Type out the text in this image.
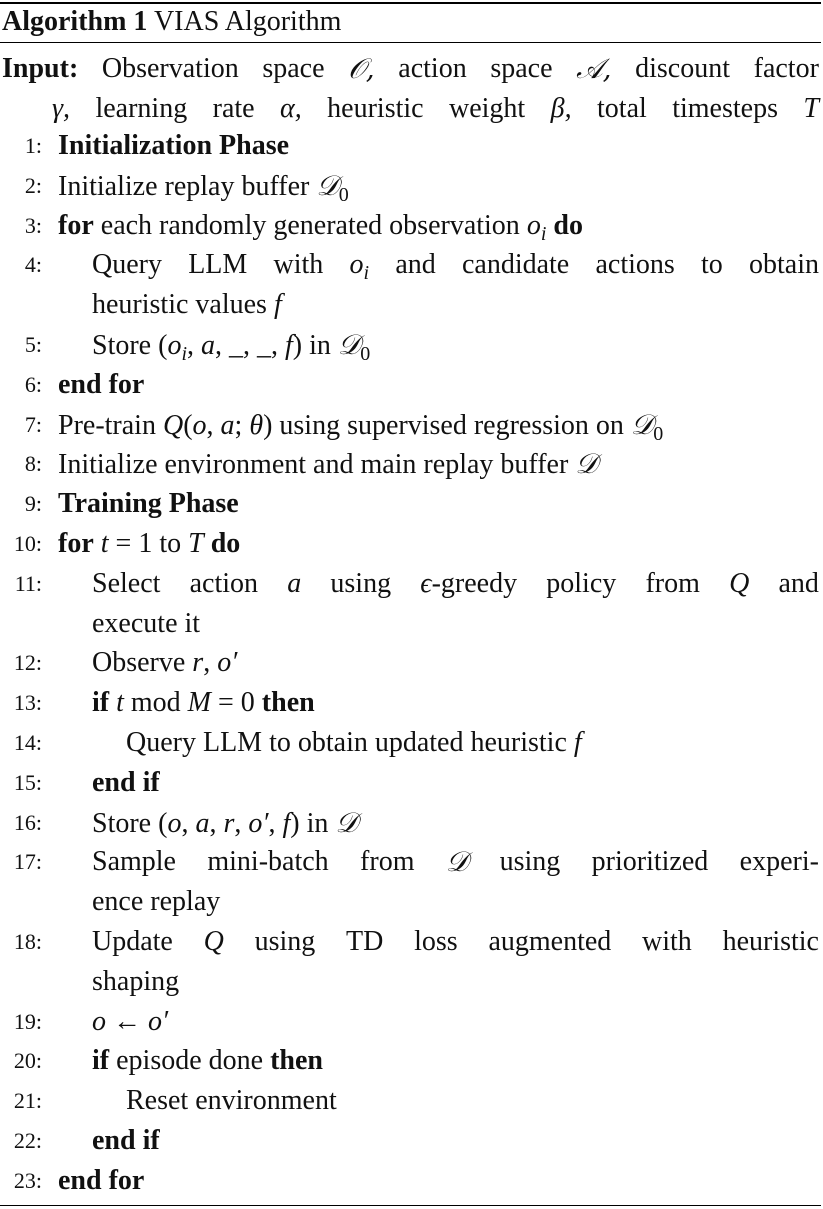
Algorithm 1 VIAS Algorithm
Input: Observation space 𝒪, action space 𝒜, discount factor
γ, learning rate α, heuristic weight β, total timesteps T
1: Initialization Phase
2: Initialize replay buffer 𝒟$_0$
3: for each randomly generated observation $o_i$ do
4: Query LLM with $o_i$ and candidate actions to obtain
heuristic values f
5: Store ($o_i$, a, _, _, f) in 𝒟$_0$
6: end for
7: Pre-train Q(o, a; θ) using supervised regression on 𝒟$_0$
8: Initialize environment and main replay buffer 𝒟
9: Training Phase
10: for t = 1 to T do
11: Select action a using ϵ-greedy policy from Q and
execute it
12: Observe r, o′
13: if t mod M = 0 then
14:	Query LLM to obtain updated heuristic f
15: end if
16: Store (o, a, r, o′, f) in 𝒟
17: Sample mini-batch from 𝒟 using prioritized experi-
ence replay
18: Update Q using TD loss augmented with heuristic
shaping
19: o ← o′
20: if episode done then
21:	Reset environment
22: end if
23: end for
